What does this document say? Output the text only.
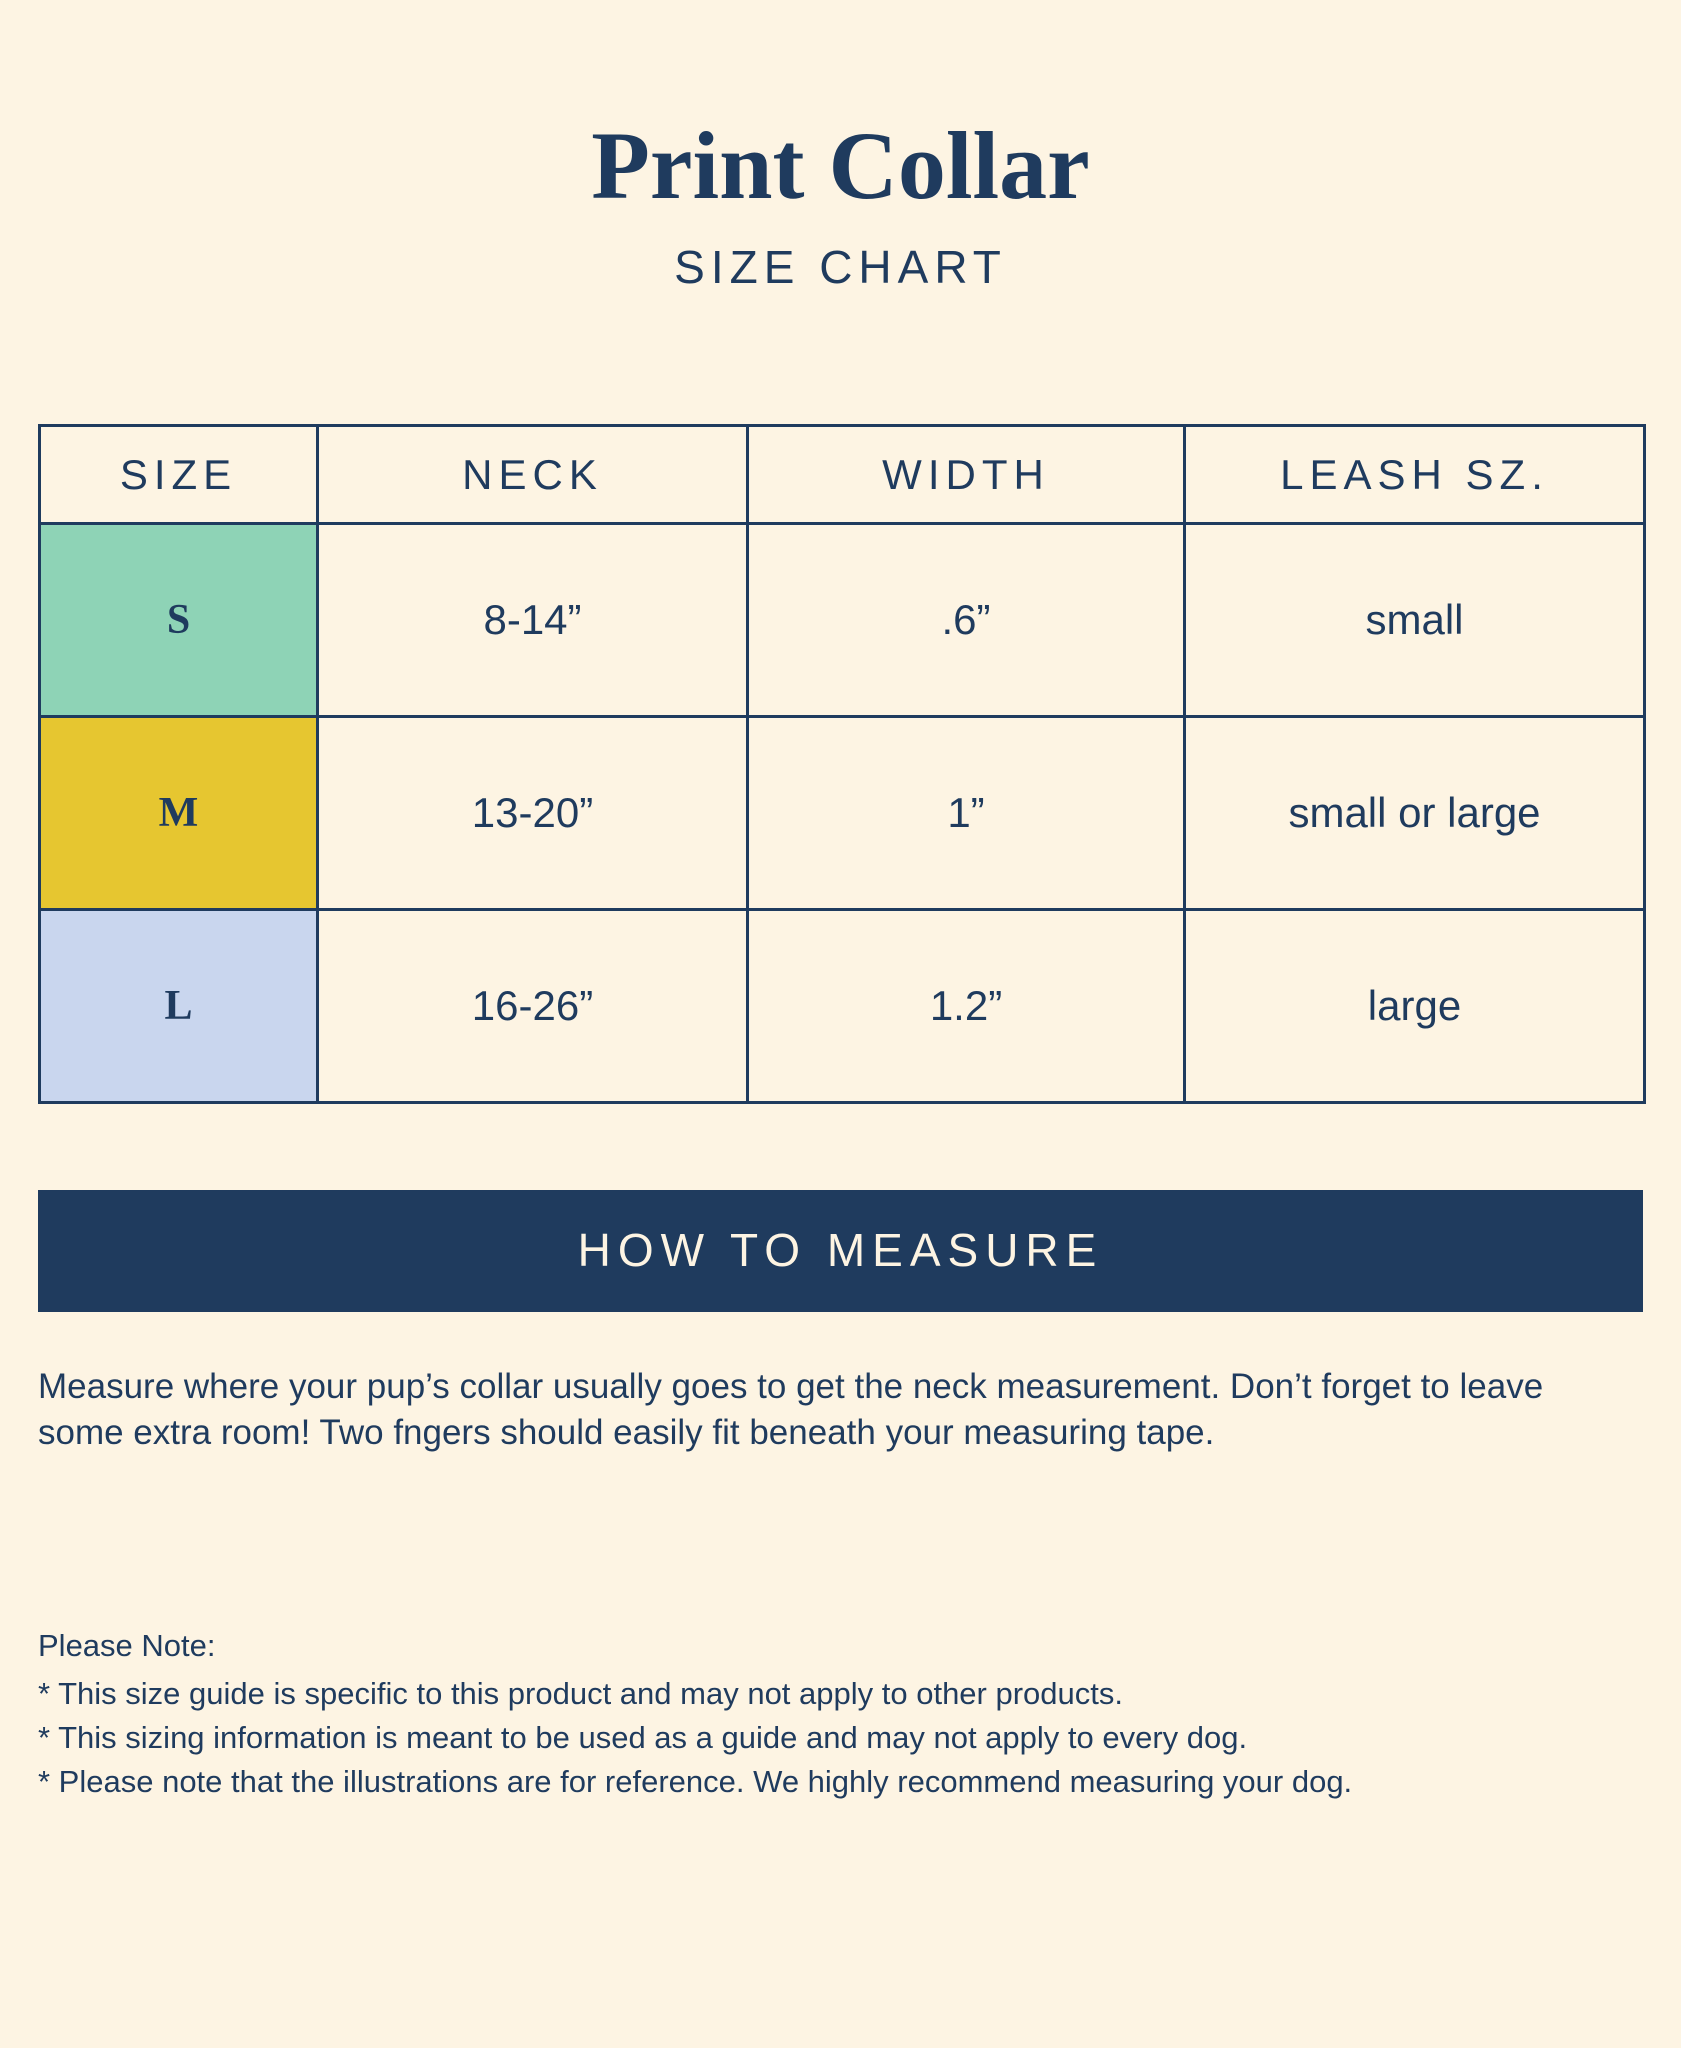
Print Collar
SIZE CHART
SIZE	NECK	WIDTH	LEASH SZ.
S	8-14”	.6”	small
M	13-20”	1”	small or large
L	16-26”	1.2”	large
HOW TO MEASURE
Measure where your pup’s collar usually goes to get the neck measurement. Don’t forget to leave some extra room! Two fngers should easily fit beneath your measuring tape.
Please Note:
* This size guide is specific to this product and may not apply to other products.
* This sizing information is meant to be used as a guide and may not apply to every dog.
* Please note that the illustrations are for reference. We highly recommend measuring your dog.
